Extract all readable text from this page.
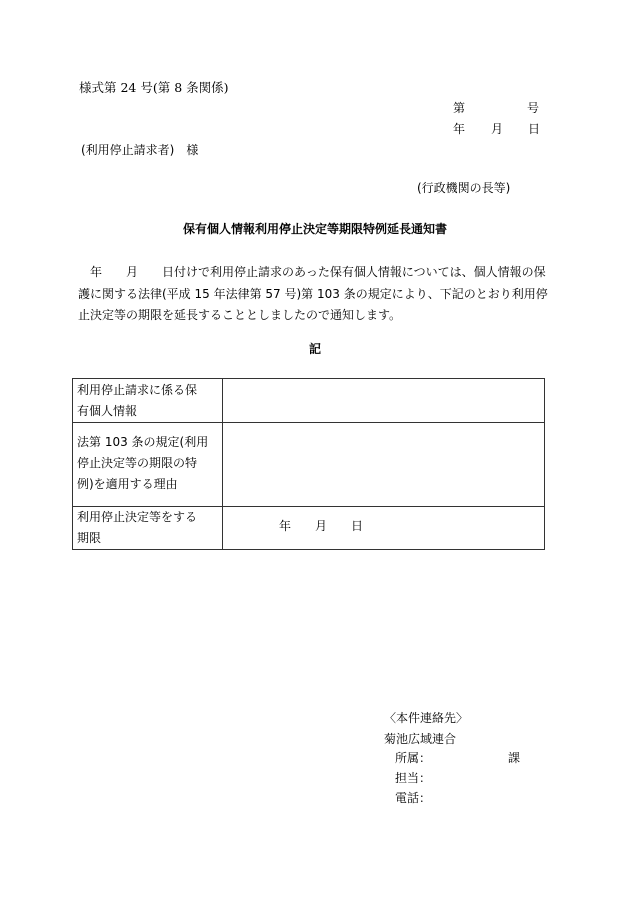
様式第 24 号(第 8 条関係)
第	号
年 月 日
(利用停止請求者)　様
(行政機関の長等)
保有個人情報利用停止決定等期限特例延長通知書
　年　　月　　日付けで利用停止請求のあった保有個人情報については、個人情報の保護に関する法律(平成 15 年法律第 57 号)第 103 条の規定により、下記のとおり利用停止決定等の期限を延長することとしましたので通知します。
記
利用停止請求に係る保
有個人情報	

法第 103 条の規定(利用
停止決定等の期限の特
例)を適用する理由	

利用停止決定等をする
期限	年　　月　　日
〈本件連絡先〉
菊池広域連合
所属：	課
担当：
電話：
